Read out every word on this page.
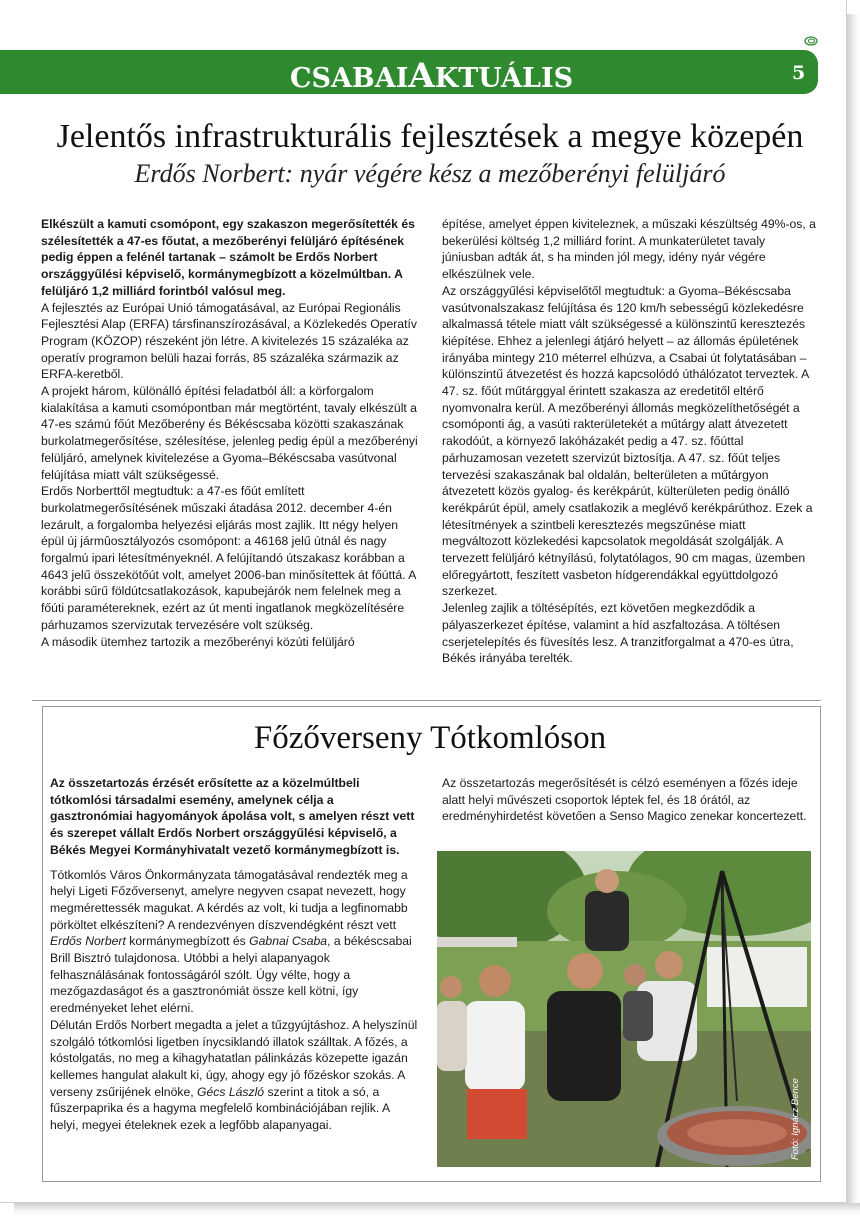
CSABAIAKTUÁLIS	5
Jelentős infrastrukturális fejlesztések a megye közepén
Erdős Norbert: nyár végére kész a mezőberényi felüljáró

Elkészült a kamuti csomópont, egy szakaszon megerősítették és szélesítették a 47-es főutat, a mezőberényi felüljáró építésének pedig éppen a felénél tartanak – számolt be Erdős Norbert országgyűlési képviselő, kormánymegbízott a közelmúltban. A felüljáró 1,2 milliárd forintból valósul meg.

A fejlesztés az Európai Unió támogatásával, az Európai Regionális Fejlesztési Alap (ERFA) társfinanszírozásával, a Közlekedés Operatív Program (KÖZOP) részeként jön létre. A kivitelezés 15 százaléka az operatív programon belüli hazai forrás, 85 százaléka származik az ERFA-keretből.

A projekt három, különálló építési feladatból áll: a körforgalom kialakítása a kamuti csomópontban már megtörtént, tavaly elkészült a 47-es számú főút Mezőberény és Békéscsaba közötti szakaszának burkolatmegerősítése, szélesítése, jelenleg pedig épül a mezőberényi felüljáró, amelynek kivitelezése a Gyoma–Békéscsaba vasútvonal felújítása miatt vált szükségessé.

Erdős Norberttől megtudtuk: a 47-es főút említett burkolatmegerősítésének műszaki átadása 2012. december 4-én lezárult, a forgalomba helyezési eljárás most zajlik. Itt négy helyen épül új jármûosztályozós csomópont: a 46168 jelű útnál és nagy forgalmú ipari létesítményeknél. A felújítandó útszakasz korábban a 4643 jelű összekötőút volt, amelyet 2006-ban minősítettek át főúttá. A korábbi sűrű földútcsatlakozások, kapubejárók nem felelnek meg a főúti paramétereknek, ezért az út menti ingatlanok megközelítésére párhuzamos szervizutak tervezésére volt szükség.

A második ütemhez tartozik a mezőberényi közúti felüljáró

építése, amelyet éppen kiviteleznek, a műszaki készültség 49%-os, a bekerülési költség 1,2 milliárd forint. A munkaterületet tavaly júniusban adták át, s ha minden jól megy, idény nyár végére elkészülnek vele.

Az országgyűlési képviselőtől megtudtuk: a Gyoma–Békéscsaba vasútvonalszakasz felújítása és 120 km/h sebességű közlekedésre alkalmassá tétele miatt vált szükségessé a különszintű keresztezés kiépítése. Ehhez a jelenlegi átjáró helyett – az állomás épületének irányába mintegy 210 méterrel elhúzva, a Csabai út folytatásában – különszintű átvezetést és hozzá kapcsolódó úthálózatot terveztek. A 47. sz. főút műtárggyal érintett szakasza az eredetitől eltérő nyomvonalra kerül. A mezőberényi állomás megközelíthetőségét a csomóponti ág, a vasúti rakterületekét a műtárgy alatt átvezetett rakodóút, a környező lakóházakét pedig a 47. sz. főúttal párhuzamosan vezetett szervizút biztosítja. A 47. sz. főút teljes tervezési szakaszának bal oldalán, belterületen a műtárgyon átvezetett közös gyalog- és kerékpárút, külterületen pedig önálló kerékpárút épül, amely csatlakozik a meglévő kerékpárúthoz. Ezek a létesítmények a szintbeli keresztezés megszűnése miatt megváltozott közlekedési kapcsolatok megoldását szolgálják. A tervezett felüljáró kétnyílású, folytatólagos, 90 cm magas, üzemben előregyártott, feszített vasbeton hídgerendákkal együttdolgozó szerkezet.

Jelenleg zajlik a töltésépítés, ezt követően megkezdődik a pályaszerkezet építése, valamint a híd aszfaltozása. A töltésen cserjetelepítés és füvesítés lesz. A tranzitforgalmat a 470-es útra, Békés irányába terelték.

Főzőverseny Tótkomlóson

Az összetartozás érzését erősítette az a közelmúltbeli tótkomlósi társadalmi esemény, amelynek célja a gasztronómiai hagyományok ápolása volt, s amelyen részt vett és szerepet vállalt Erdős Norbert országgyűlési képviselő, a Békés Megyei Kormányhivatalt vezető kormánymegbízott is.

Tótkomlós Város Önkormányzata támogatásával rendezték meg a helyi Ligeti Főzőversenyt, amelyre negyven csapat nevezett, hogy megmérettessék magukat. A kérdés az volt, ki tudja a legfinomabb pörköltet elkészíteni? A rendezvényen díszvendégként részt vett Erdős Norbert kormánymegbízott és Gabnai Csaba, a békéscsabai Brill Bisztró tulajdonosa. Utóbbi a helyi alapanyagok felhasználásának fontosságáról szólt. Úgy vélte, hogy a mezőgazdaságot és a gasztronómiát össze kell kötni, így eredményeket lehet elérni.

Délután Erdős Norbert megadta a jelet a tűzgyújtáshoz. A helyszínül szolgáló tótkomlósi ligetben ínycsiklandó illatok szálltak. A főzés, a kóstolgatás, no meg a kihagyhatatlan pálinkázás közepette igazán kellemes hangulat alakult ki, úgy, ahogy egy jó főzéskor szokás. A verseny zsűrijének elnöke, Gécs László szerint a titok a só, a fűszerpaprika és a hagyma megfelelő kombinációjában rejlik. A helyi, megyei ételeknek ezek a legfőbb alapanyagai.

Az összetartozás megerősítését is célzó eseményen a főzés ideje alatt helyi művészeti csoportok léptek fel, és 18 órától, az eredményhirdetést követően a Senso Magico zenekar koncertezett.

Fotó: Ignácz Bence
